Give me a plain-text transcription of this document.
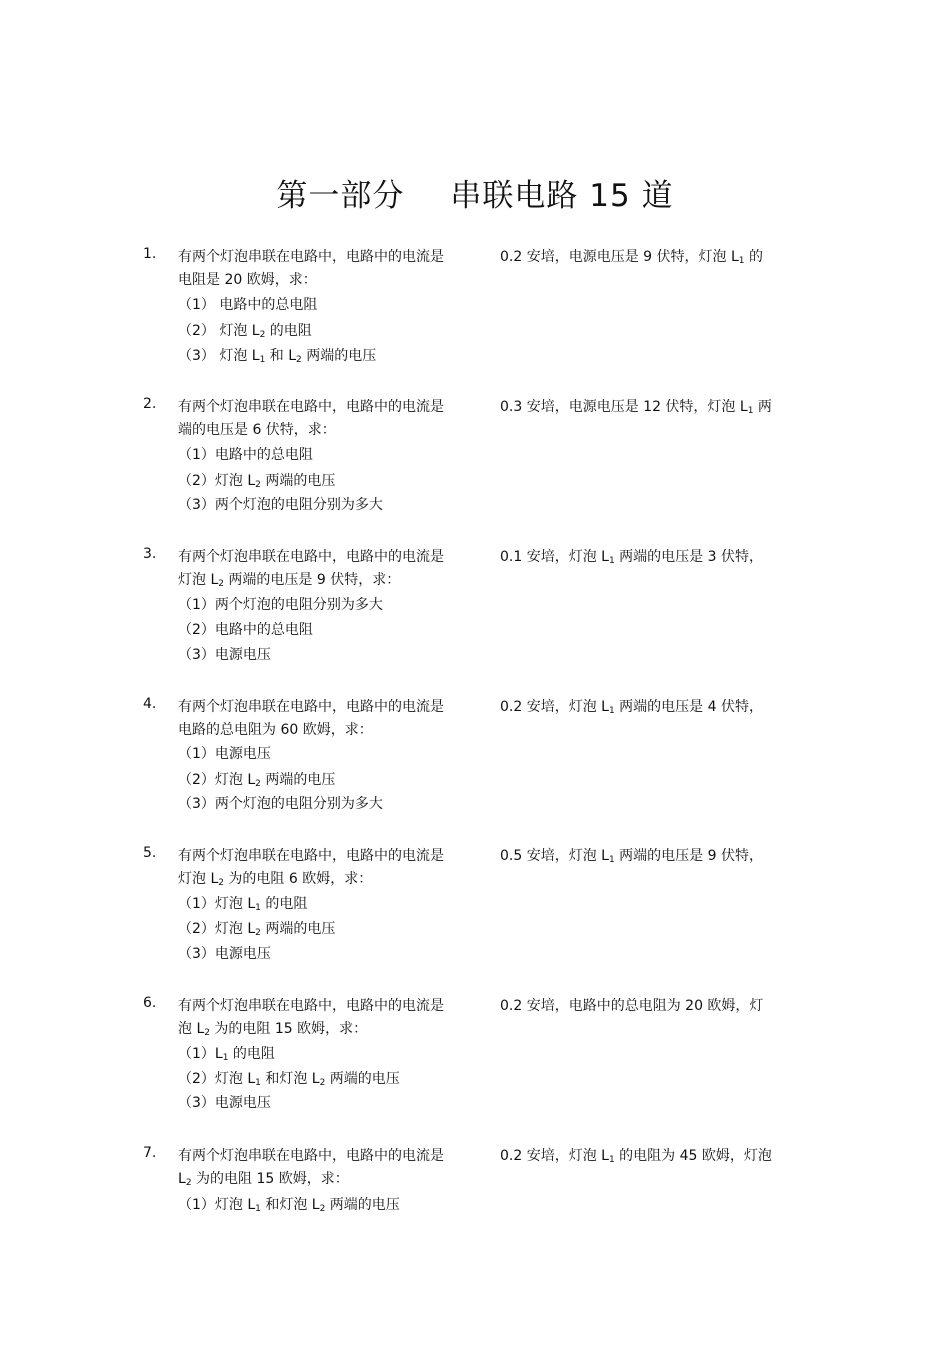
第一部分 串联电路 15 道
1. 有两个灯泡串联在电路中，电路中的电流是	0.2 安培，电源电压是 9 伏特，灯泡 $L_1$ 的
电阻是 20 欧姆，求：
（1） 电路中的总电阻
（2） 灯泡 $L_2$ 的电阻
（3） 灯泡 $L_1$ 和 $L_2$ 两端的电压
2. 有两个灯泡串联在电路中，电路中的电流是	0.3 安培，电源电压是 12 伏特，灯泡 $L_1$ 两
端的电压是 6 伏特，求：
（1）电路中的总电阻
（2）灯泡 $L_2$ 两端的电压
（3）两个灯泡的电阻分别为多大
3. 有两个灯泡串联在电路中，电路中的电流是	0.1 安培，灯泡 $L_1$ 两端的电压是 3 伏特，
灯泡 $L_2$ 两端的电压是 9 伏特，求：
（1）两个灯泡的电阻分别为多大
（2）电路中的总电阻
（3）电源电压
4. 有两个灯泡串联在电路中，电路中的电流是	0.2 安培，灯泡 $L_1$ 两端的电压是 4 伏特，
电路的总电阻为 60 欧姆，求：
（1）电源电压
（2）灯泡 $L_2$ 两端的电压
（3）两个灯泡的电阻分别为多大
5. 有两个灯泡串联在电路中，电路中的电流是	0.5 安培，灯泡 $L_1$ 两端的电压是 9 伏特，
灯泡 $L_2$ 为的电阻 6 欧姆，求：
（1）灯泡 $L_1$ 的电阻
（2）灯泡 $L_2$ 两端的电压
（3）电源电压
6. 有两个灯泡串联在电路中，电路中的电流是	0.2 安培，电路中的总电阻为 20 欧姆，灯
泡 $L_2$ 为的电阻 15 欧姆，求：
$(1)L_1$ 的电阻
（2）灯泡 $L_1$ 和灯泡 $L_2$ 两端的电压
（3）电源电压
7. 有两个灯泡串联在电路中，电路中的电流是	0.2 安培，灯泡 $L_1$ 的电阻为 45 欧姆，灯泡
$L_2$ 为的电阻 15 欧姆，求：
（1）灯泡 $L_1$ 和灯泡 $L_2$ 两端的电压
